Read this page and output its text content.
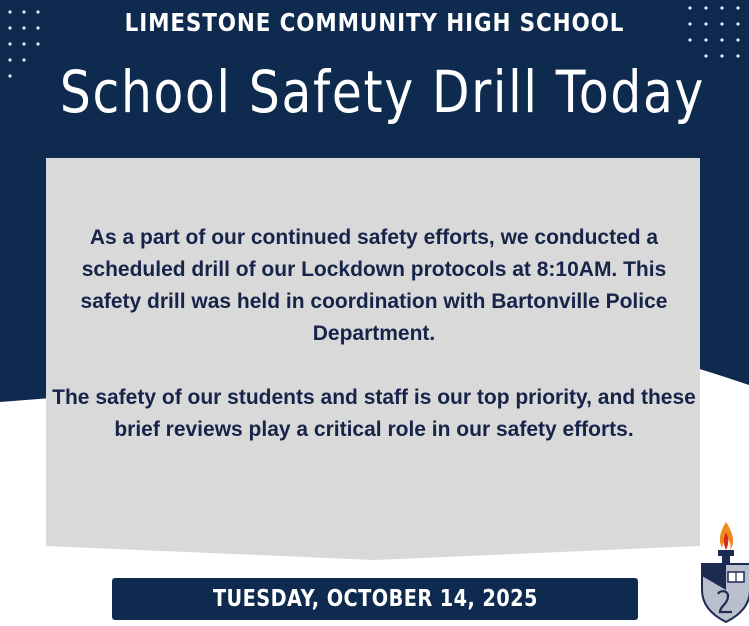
LIMESTONE COMMUNITY HIGH SCHOOL
School Safety Drill Today

As a part of our continued safety efforts, we conducted a scheduled drill of our Lockdown protocols at 8:10AM. This safety drill was held in coordination with Bartonville Police Department.

The safety of our students and staff is our top priority, and these brief reviews play a critical role in our safety efforts.

TUESDAY, OCTOBER 14, 2025
